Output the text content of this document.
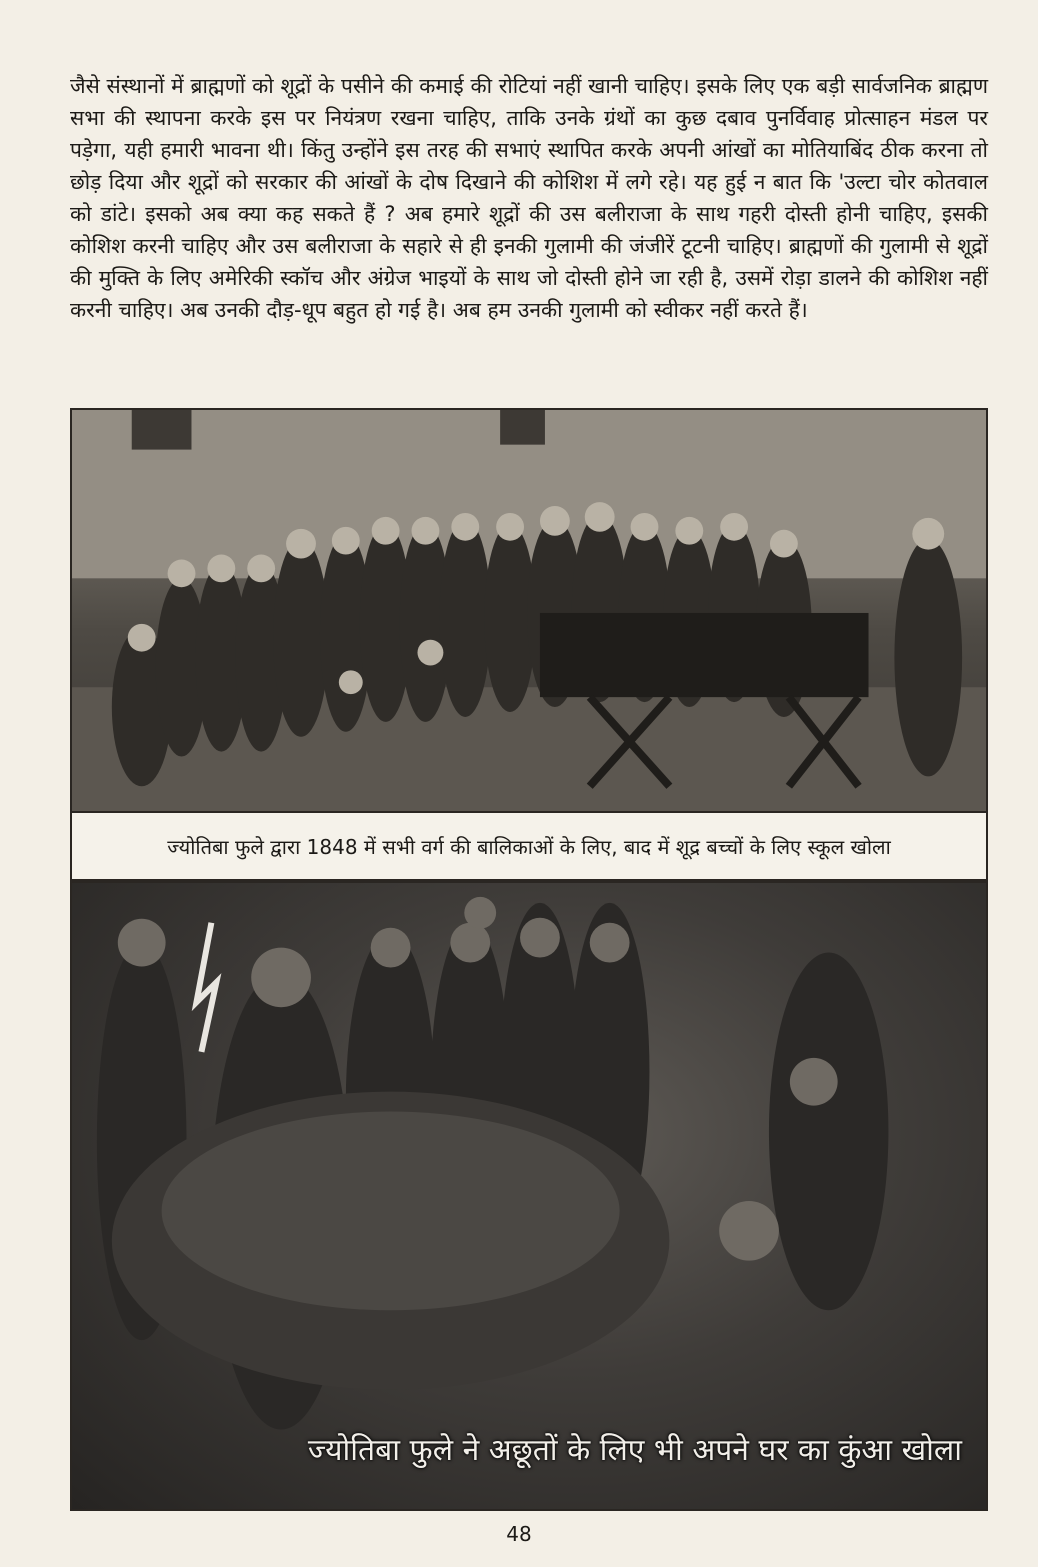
जैसे संस्थानों में ब्राह्मणों को शूद्रों के पसीने की कमाई की रोटियां नहीं खानी चाहिए। इसके लिए एक बड़ी सार्वजनिक ब्राह्मण सभा की स्थापना करके इस पर नियंत्रण रखना चाहिए, ताकि उनके ग्रंथों का कुछ दबाव पुनर्विवाह प्रोत्साहन मंडल पर पड़ेगा, यही हमारी भावना थी। किंतु उन्होंने इस तरह की सभाएं स्थापित करके अपनी आंखों का मोतियाबिंद ठीक करना तो छोड़ दिया और शूद्रों को सरकार की आंखों के दोष दिखाने की कोशिश में लगे रहे। यह हुई न बात कि 'उल्टा चोर कोतवाल को डांटे। इसको अब क्या कह सकते हैं ? अब हमारे शूद्रों की उस बलीराजा के साथ गहरी दोस्ती होनी चाहिए, इसकी कोशिश करनी चाहिए और उस बलीराजा के सहारे से ही इनकी गुलामी की जंजीरें टूटनी चाहिए। ब्राह्मणों की गुलामी से शूद्रों की मुक्ति के लिए अमेरिकी स्कॉच और अंग्रेज भाइयों के साथ जो दोस्ती होने जा रही है, उसमें रोड़ा डालने की कोशिश नहीं करनी चाहिए। अब उनकी दौड़-धूप बहुत हो गई है। अब हम उनकी गुलामी को स्वीकर नहीं करते हैं।

ज्योतिबा फुले द्वारा 1848 में सभी वर्ग की बालिकाओं के लिए, बाद में शूद्र बच्चों के लिए स्कूल खोला
ज्योतिबा फुले ने अछूतों के लिए भी अपने घर का कुंआ खोला
48
